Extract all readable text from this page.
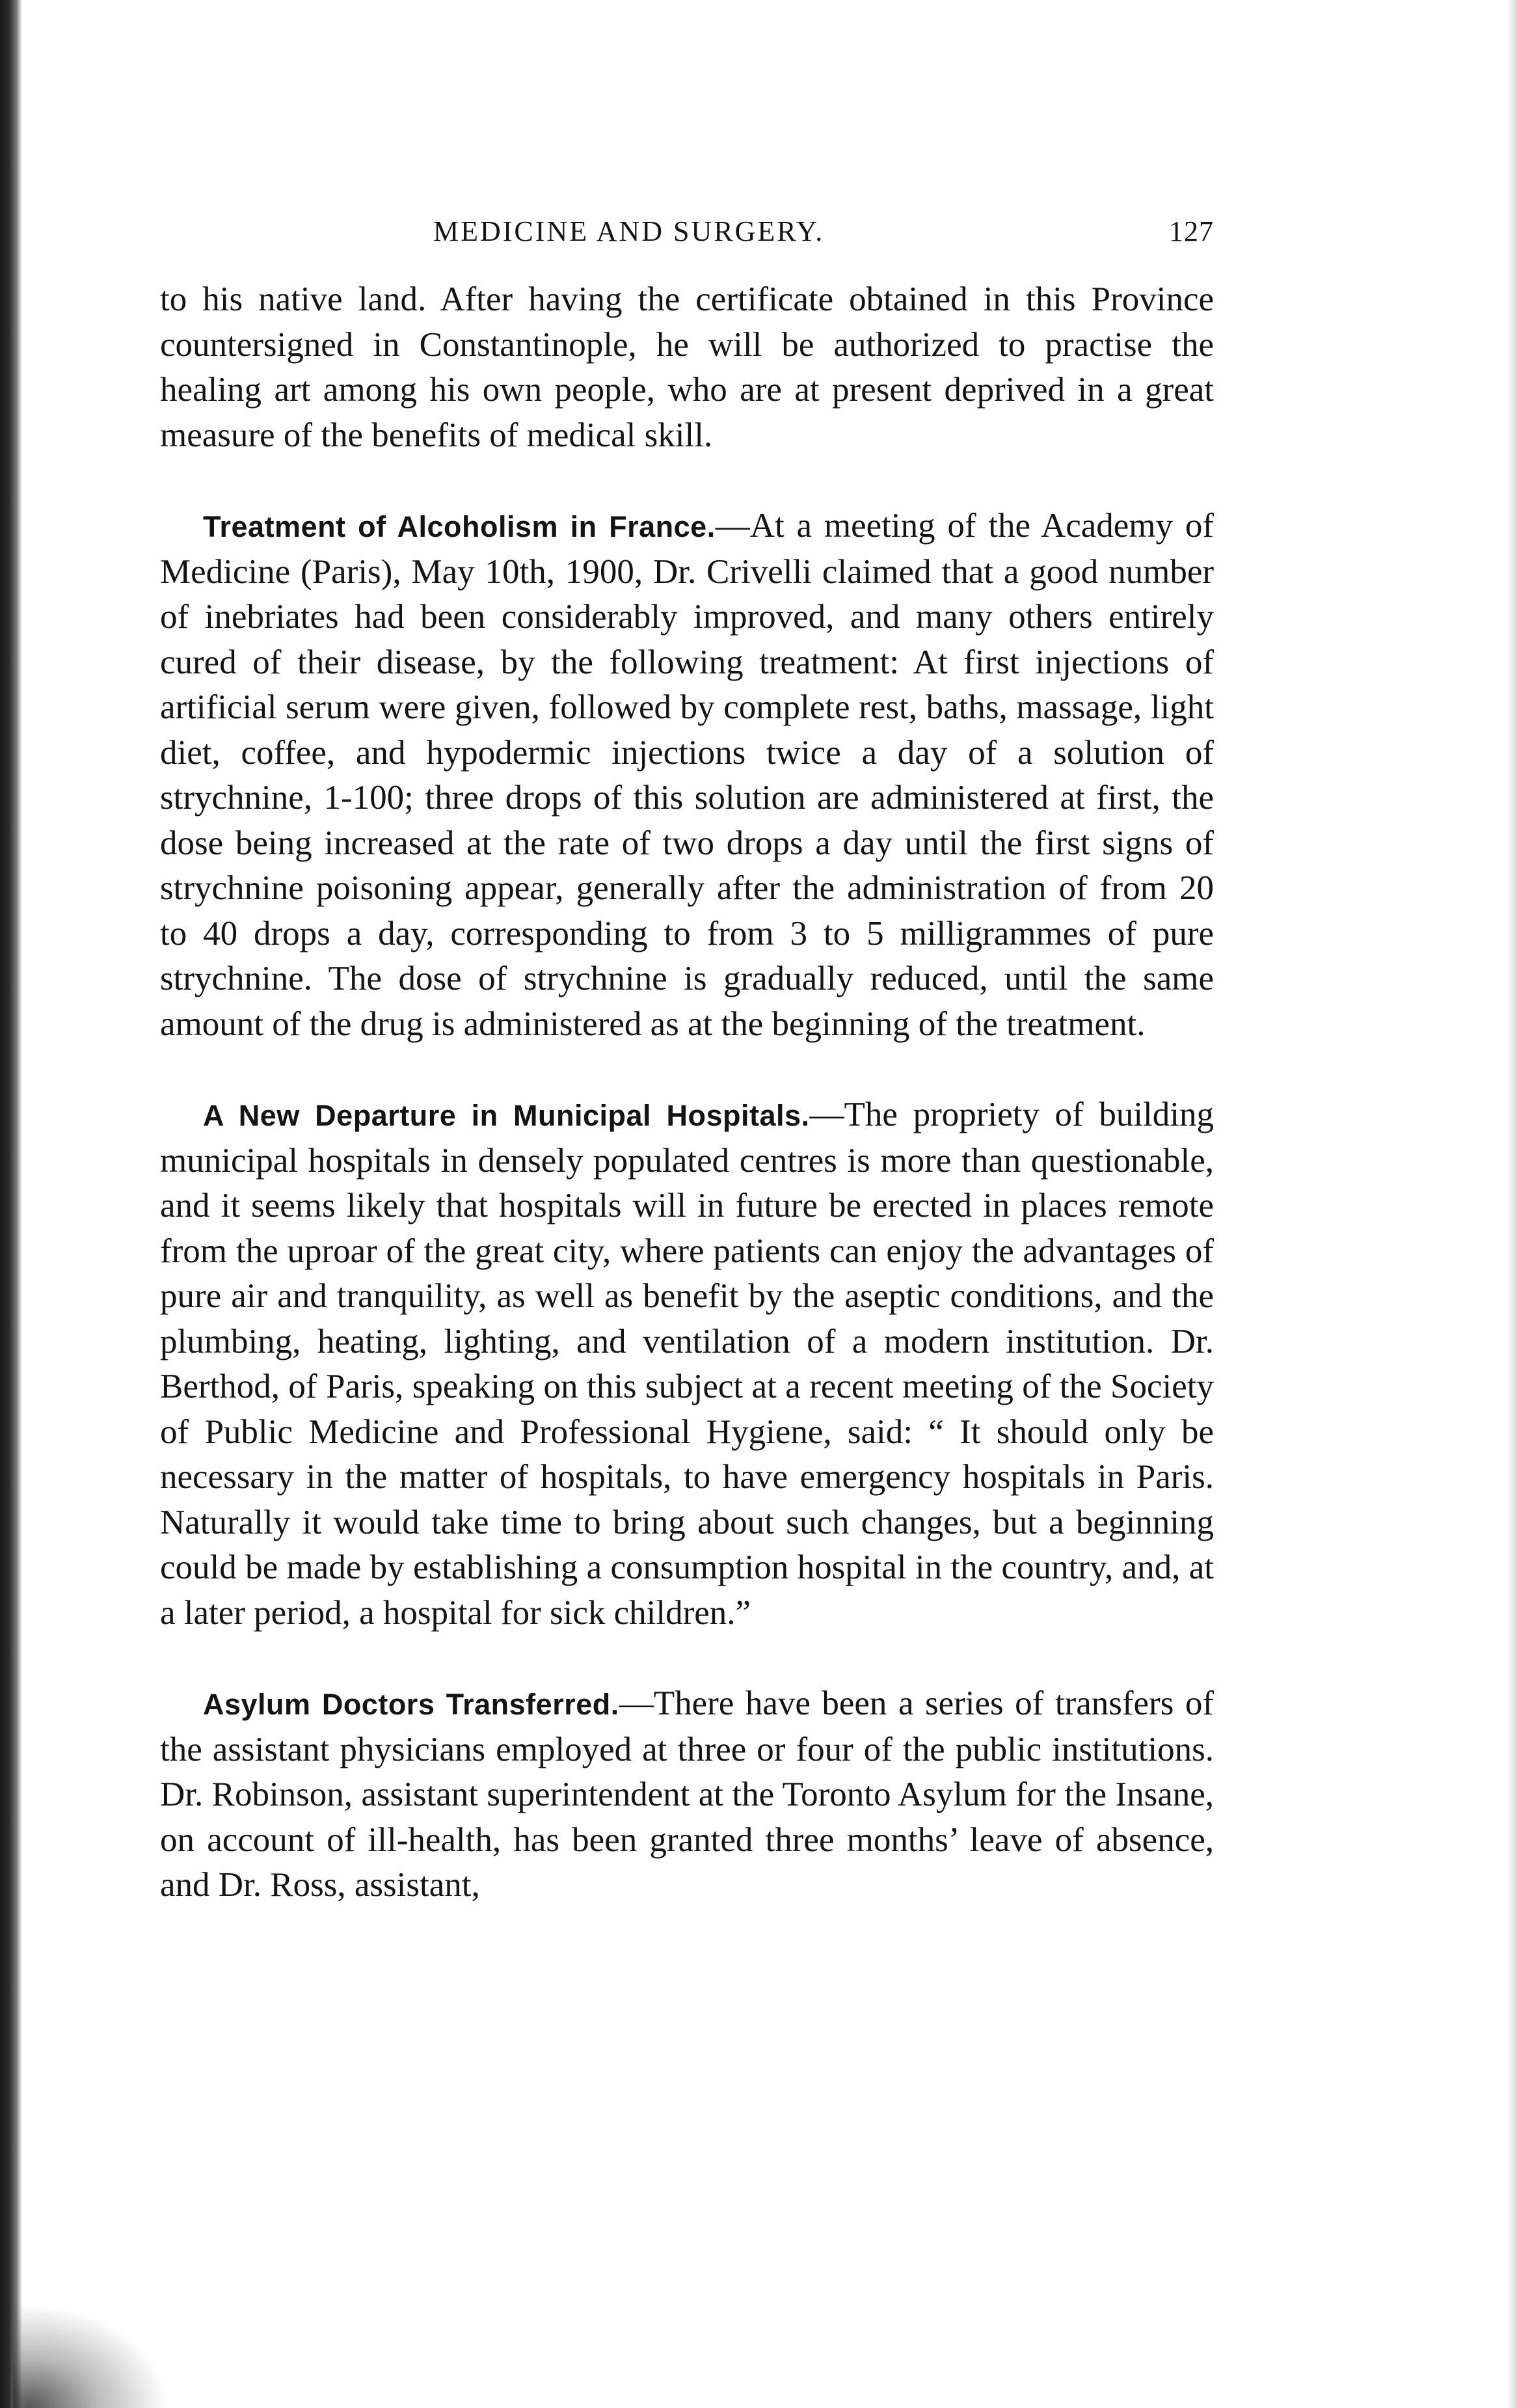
MEDICINE AND SURGERY.	127

to his native land. After having the certificate obtained in this Province countersigned in Constantinople, he will be authorized to practise the healing art among his own people, who are at present deprived in a great measure of the benefits of medical skill.

Treatment of Alcoholism in France.—At a meeting of the Academy of Medicine (Paris), May 10th, 1900, Dr. Crivelli claimed that a good number of inebriates had been considerably improved, and many others entirely cured of their disease, by the following treatment: At first injections of artificial serum were given, followed by complete rest, baths, massage, light diet, coffee, and hypodermic injections twice a day of a solution of strychnine, 1-100; three drops of this solution are administered at first, the dose being increased at the rate of two drops a day until the first signs of strychnine poisoning appear, generally after the administration of from 20 to 40 drops a day, corresponding to from 3 to 5 milligrammes of pure strychnine. The dose of strychnine is gradually reduced, until the same amount of the drug is administered as at the beginning of the treatment.

A New Departure in Municipal Hospitals.—The propriety of building municipal hospitals in densely populated centres is more than questionable, and it seems likely that hospitals will in future be erected in places remote from the uproar of the great city, where patients can enjoy the advantages of pure air and tranquility, as well as benefit by the aseptic conditions, and the plumbing, heating, lighting, and ventilation of a modern institution. Dr. Berthod, of Paris, speaking on this subject at a recent meeting of the Society of Public Medicine and Professional Hygiene, said: “ It should only be necessary in the matter of hospitals, to have emergency hospitals in Paris. Naturally it would take time to bring about such changes, but a beginning could be made by establishing a consumption hospital in the country, and, at a later period, a hospital for sick children.”

Asylum Doctors Transferred.—There have been a series of transfers of the assistant physicians employed at three or four of the public institutions. Dr. Robinson, assistant superintendent at the Toronto Asylum for the Insane, on account of ill-health, has been granted three months’ leave of absence, and Dr. Ross, assistant,
